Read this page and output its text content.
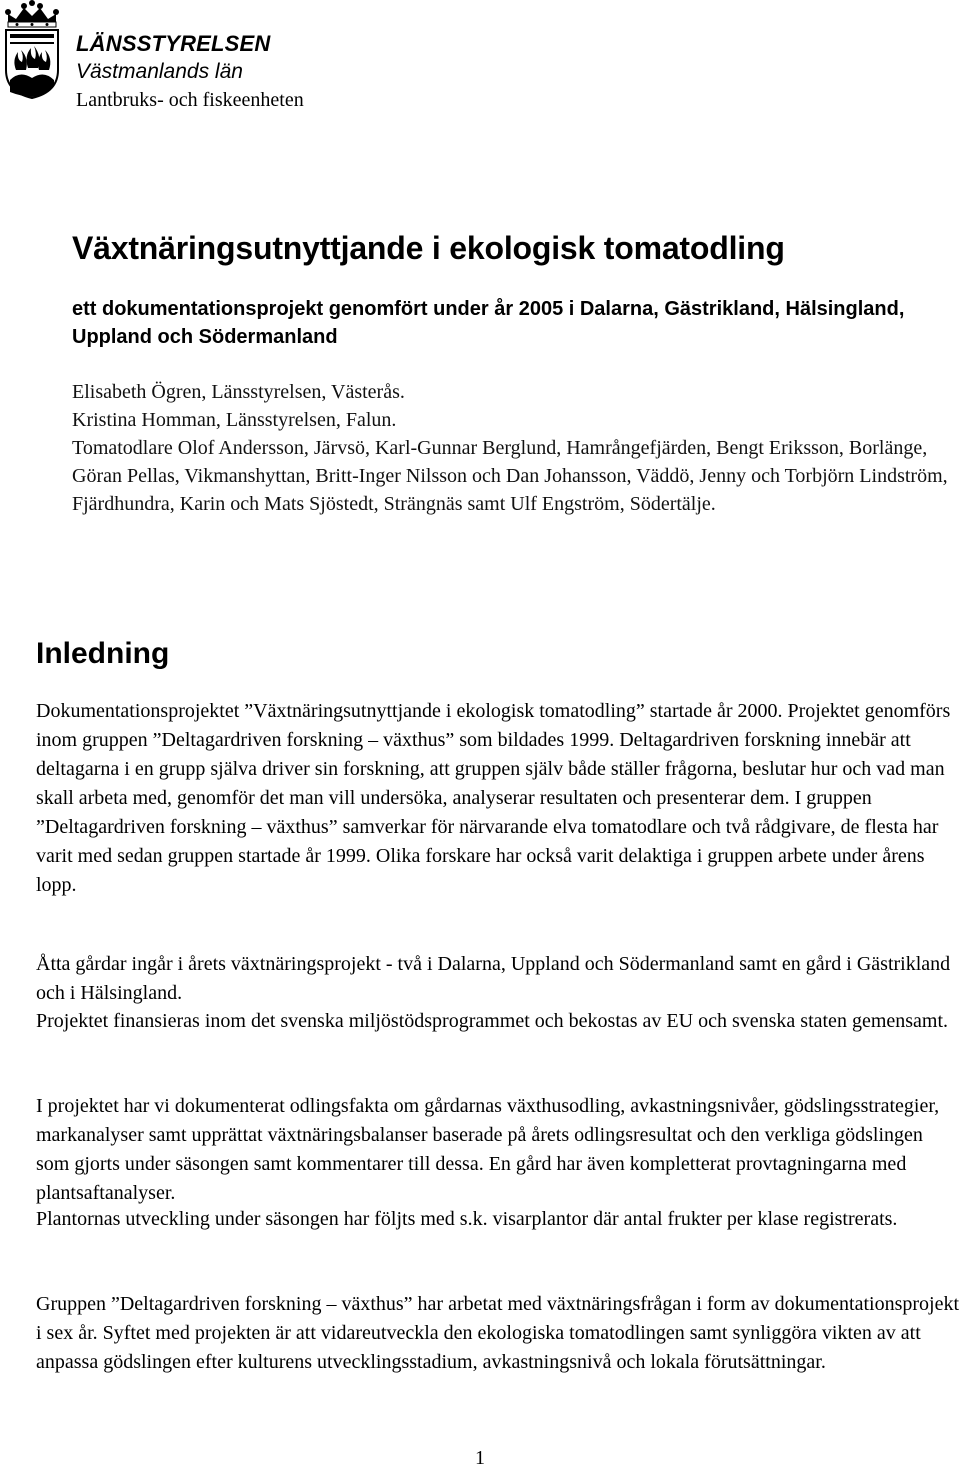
LÄNSSTYRELSEN
Västmanlands län
Lantbruks- och fiskeenheten
Växtnäringsutnyttjande i ekologisk tomatodling

ett dokumentationsprojekt genomfört under år 2005 i Dalarna, Gästrikland, Hälsingland, Uppland och Södermanland

Elisabeth Ögren, Länsstyrelsen, Västerås.
Kristina Homman, Länsstyrelsen, Falun.
Tomatodlare Olof Andersson, Järvsö, Karl-Gunnar Berglund, Hamrångefjärden, Bengt Eriksson, Borlänge, Göran Pellas, Vikmanshyttan, Britt-Inger Nilsson och Dan Johansson, Väddö, Jenny och Torbjörn Lindström, Fjärdhundra, Karin och Mats Sjöstedt, Strängnäs samt Ulf Engström, Södertälje.
Inledning

Dokumentationsprojektet ”Växtnäringsutnyttjande i ekologisk tomatodling” startade år 2000. Projektet genomförs inom gruppen ”Deltagardriven forskning – växthus” som bildades 1999. Deltagardriven forskning innebär att deltagarna i en grupp själva driver sin forskning, att gruppen själv både ställer frågorna, beslutar hur och vad man skall arbeta med, genomför det man vill undersöka, analyserar resultaten och presenterar dem. I gruppen ”Deltagardriven forskning – växthus” samverkar för närvarande elva tomatodlare och två rådgivare, de flesta har varit med sedan gruppen startade år 1999. Olika forskare har också varit delaktiga i gruppen arbete under årens lopp.

Åtta gårdar ingår i årets växtnäringsprojekt - två i Dalarna, Uppland och Södermanland samt en gård i Gästrikland och i Hälsingland.

Projektet finansieras inom det svenska miljöstödsprogrammet och bekostas av EU och svenska staten gemensamt.

I projektet har vi dokumenterat odlingsfakta om gårdarnas växthusodling, avkastningsnivåer, gödslingsstrategier, markanalyser samt upprättat växtnäringsbalanser baserade på årets odlingsresultat och den verkliga gödslingen som gjorts under säsongen samt kommentarer till dessa. En gård har även kompletterat provtagningarna med plantsaftanalyser.

Plantornas utveckling under säsongen har följts med s.k. visarplantor där antal frukter per klase registrerats.

Gruppen ”Deltagardriven forskning – växthus” har arbetat med växtnäringsfrågan i form av dokumentationsprojekt i sex år. Syftet med projekten är att vidareutveckla den ekologiska tomatodlingen samt synliggöra vikten av att anpassa gödslingen efter kulturens utvecklingsstadium, avkastningsnivå och lokala förutsättningar.

1
